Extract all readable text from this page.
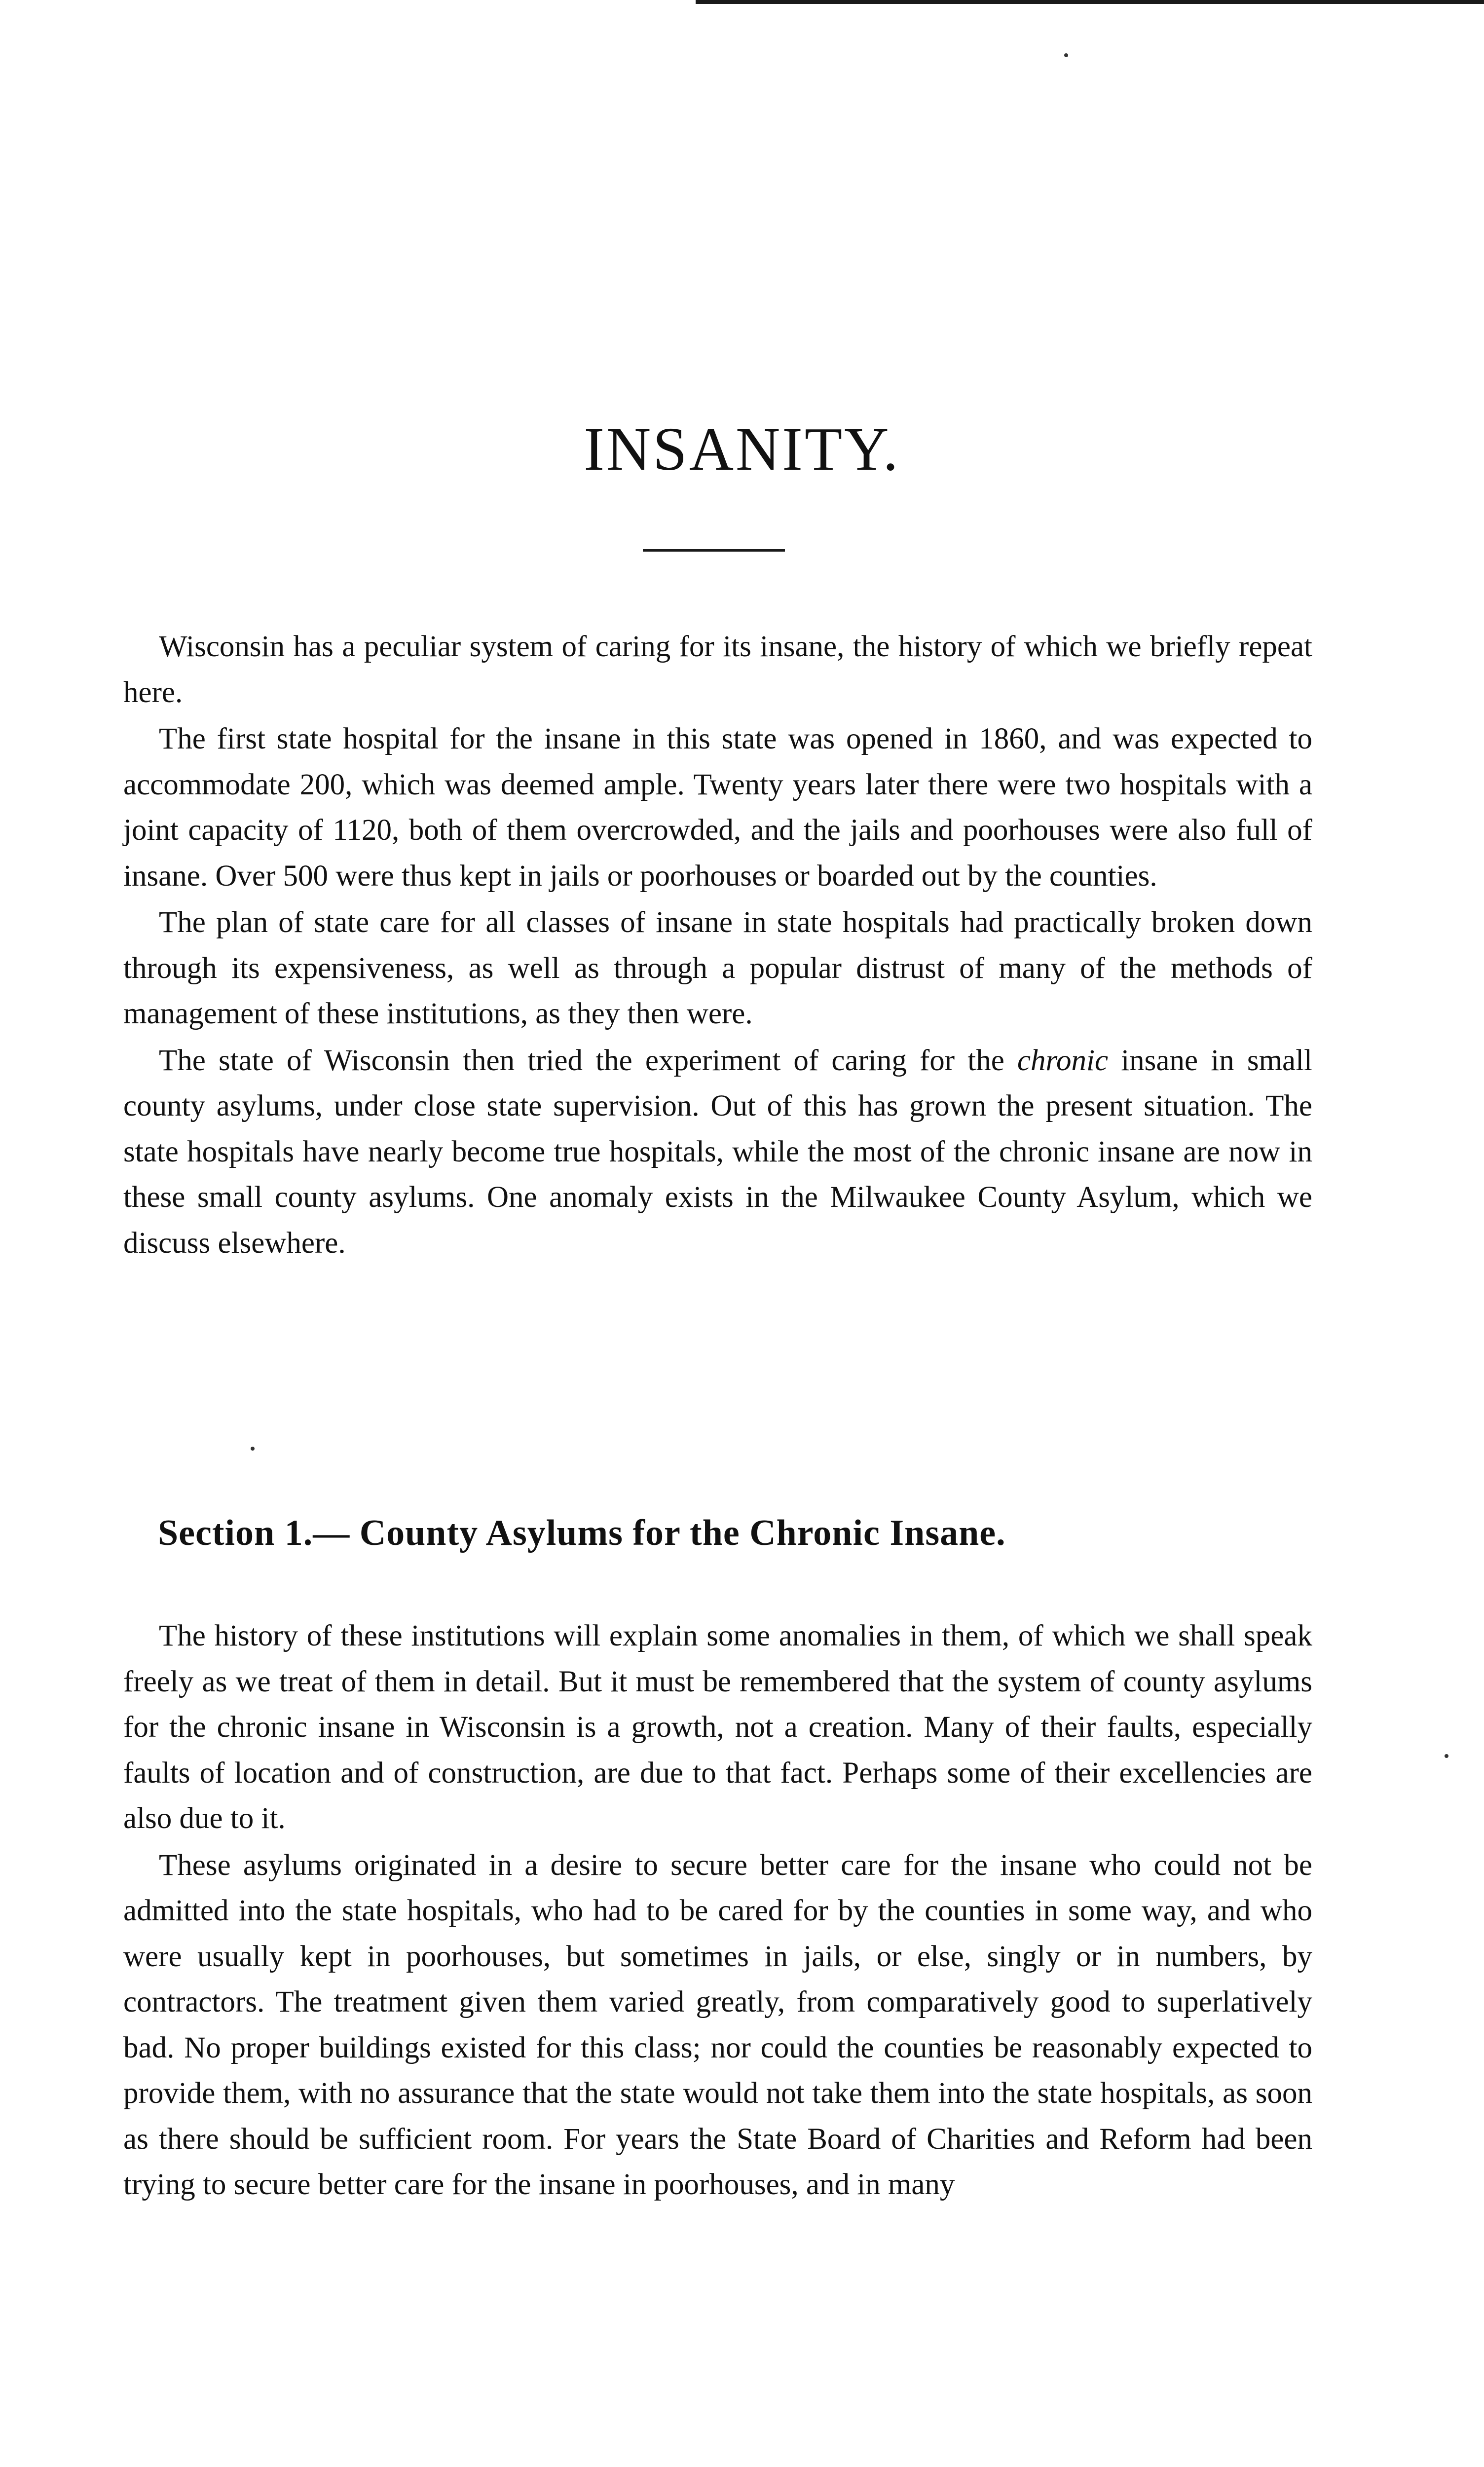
INSANITY.

Wisconsin has a peculiar system of caring for its insane, the history of which we briefly repeat here.

The first state hospital for the insane in this state was opened in 1860, and was expected to accommodate 200, which was deemed ample. Twenty years later there were two hospitals with a joint capacity of 1120, both of them overcrowded, and the jails and poorhouses were also full of insane. Over 500 were thus kept in jails or poorhouses or boarded out by the counties.

The plan of state care for all classes of insane in state hospitals had practically broken down through its expensiveness, as well as through a popular distrust of many of the methods of management of these institutions, as they then were.

The state of Wisconsin then tried the experiment of caring for the chronic insane in small county asylums, under close state supervision. Out of this has grown the present situation. The state hospitals have nearly become true hospitals, while the most of the chronic insane are now in these small county asylums. One anomaly exists in the Milwaukee County Asylum, which we discuss elsewhere.

Section 1.— County Asylums for the Chronic Insane.

The history of these institutions will explain some anomalies in them, of which we shall speak freely as we treat of them in detail. But it must be remembered that the system of county asylums for the chronic insane in Wisconsin is a growth, not a creation. Many of their faults, especially faults of location and of construction, are due to that fact. Perhaps some of their excellencies are also due to it.

These asylums originated in a desire to secure better care for the insane who could not be admitted into the state hospitals, who had to be cared for by the counties in some way, and who were usually kept in poorhouses, but sometimes in jails, or else, singly or in numbers, by contractors. The treatment given them varied greatly, from comparatively good to superlatively bad. No proper buildings existed for this class; nor could the counties be reasonably expected to provide them, with no assurance that the state would not take them into the state hospitals, as soon as there should be sufficient room. For years the State Board of Charities and Reform had been trying to secure better care for the insane in poorhouses, and in many
